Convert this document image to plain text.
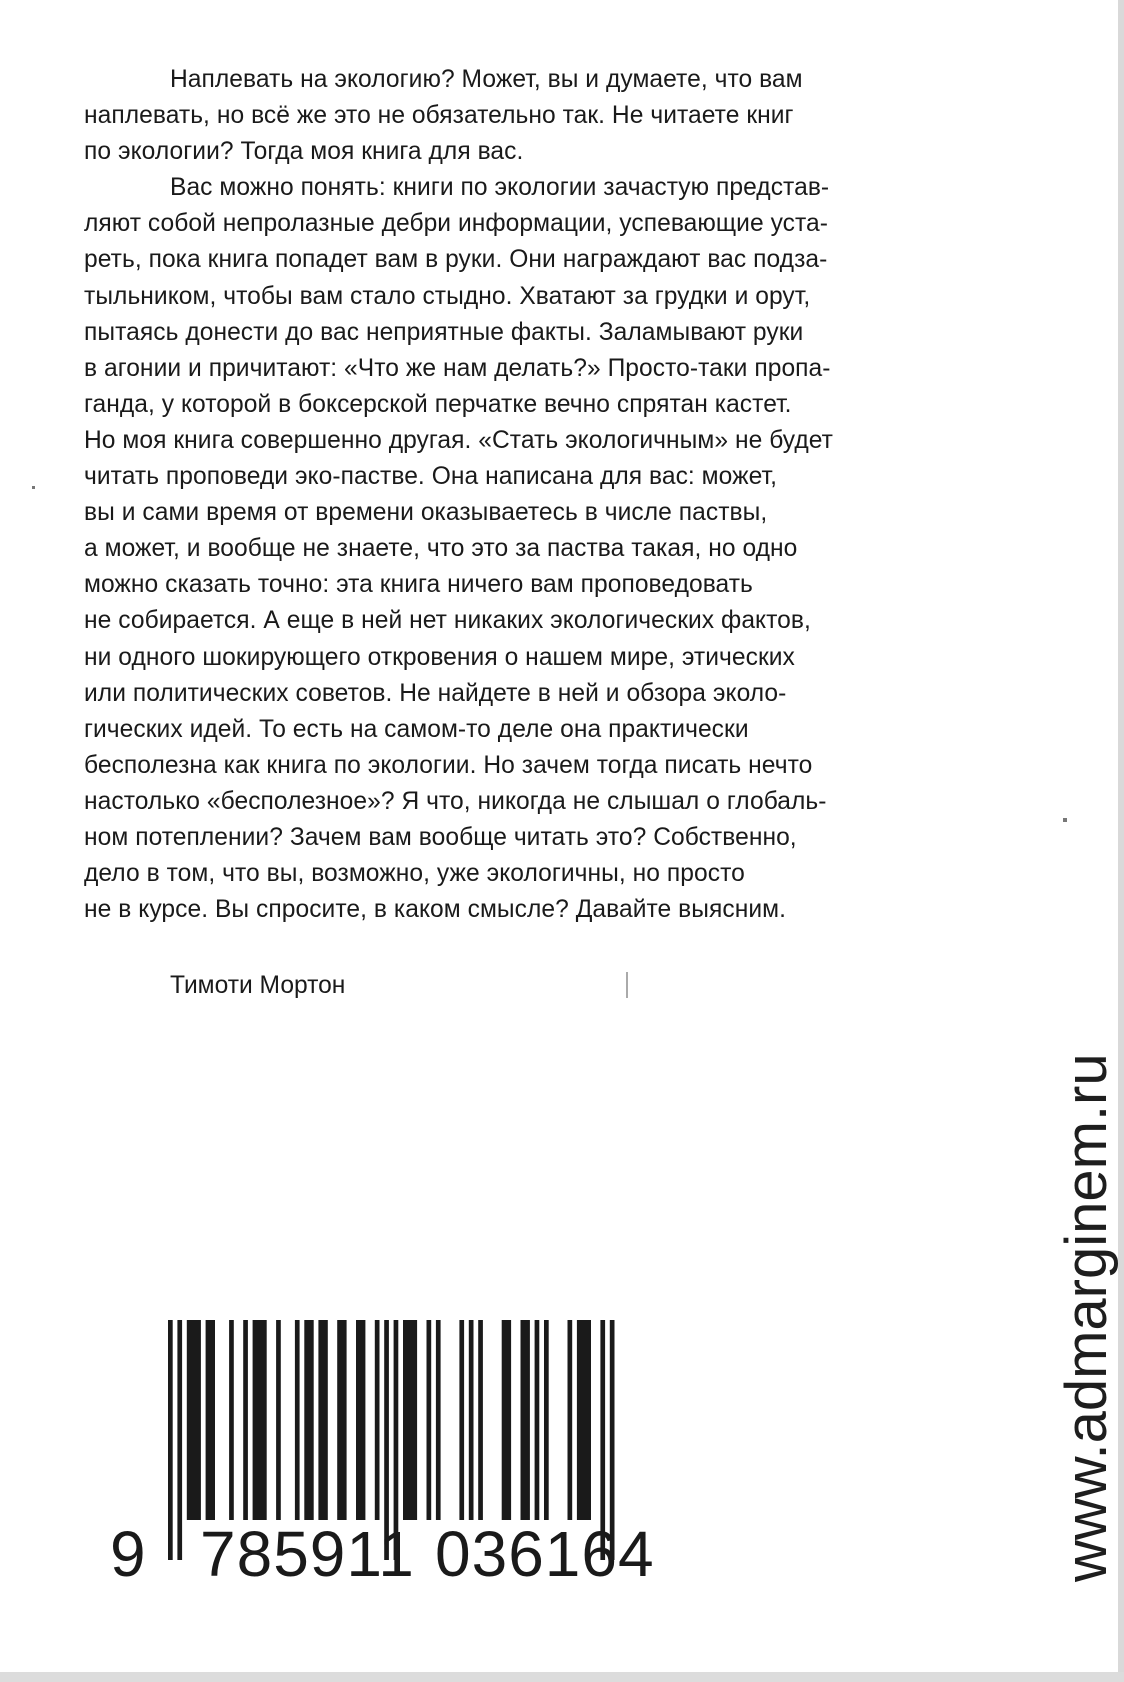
Наплевать на экологию? Может, вы и думаете, что вам
наплевать, но всё же это не обязательно так. Не читаете книг
по экологии? Тогда моя книга для вас.
Вас можно понять: книги по экологии зачастую представ-
ляют собой непролазные дебри информации, успевающие уста-
реть, пока книга попадет вам в руки. Они награждают вас подза-
тыльником, чтобы вам стало стыдно. Хватают за грудки и орут,
пытаясь донести до вас неприятные факты. Заламывают руки
в агонии и причитают: «Что же нам делать?» Просто-таки пропа-
ганда, у которой в боксерской перчатке вечно спрятан кастет.
Но моя книга совершенно другая. «Стать экологичным» не будет
читать проповеди эко-пастве. Она написана для вас: может,
вы и сами время от времени оказываетесь в числе паствы,
а может, и вообще не знаете, что это за паства такая, но одно
можно сказать точно: эта книга ничего вам проповедовать
не собирается. А еще в ней нет никаких экологических фактов,
ни одного шокирующего откровения о нашем мире, этических
или политических советов. Не найдете в ней и обзора эколо-
гических идей. То есть на самом-то деле она практически
бесполезна как книга по экологии. Но зачем тогда писать нечто
настолько «бесполезное»? Я что, никогда не слышал о глобаль-
ном потеплении? Зачем вам вообще читать это? Собственно,
дело в том, что вы, возможно, уже экологичны, но просто
не в курсе. Вы спросите, в каком смысле? Давайте выясним.
Тимоти Мортон
9 785911 036164	www.admarginem.ru
